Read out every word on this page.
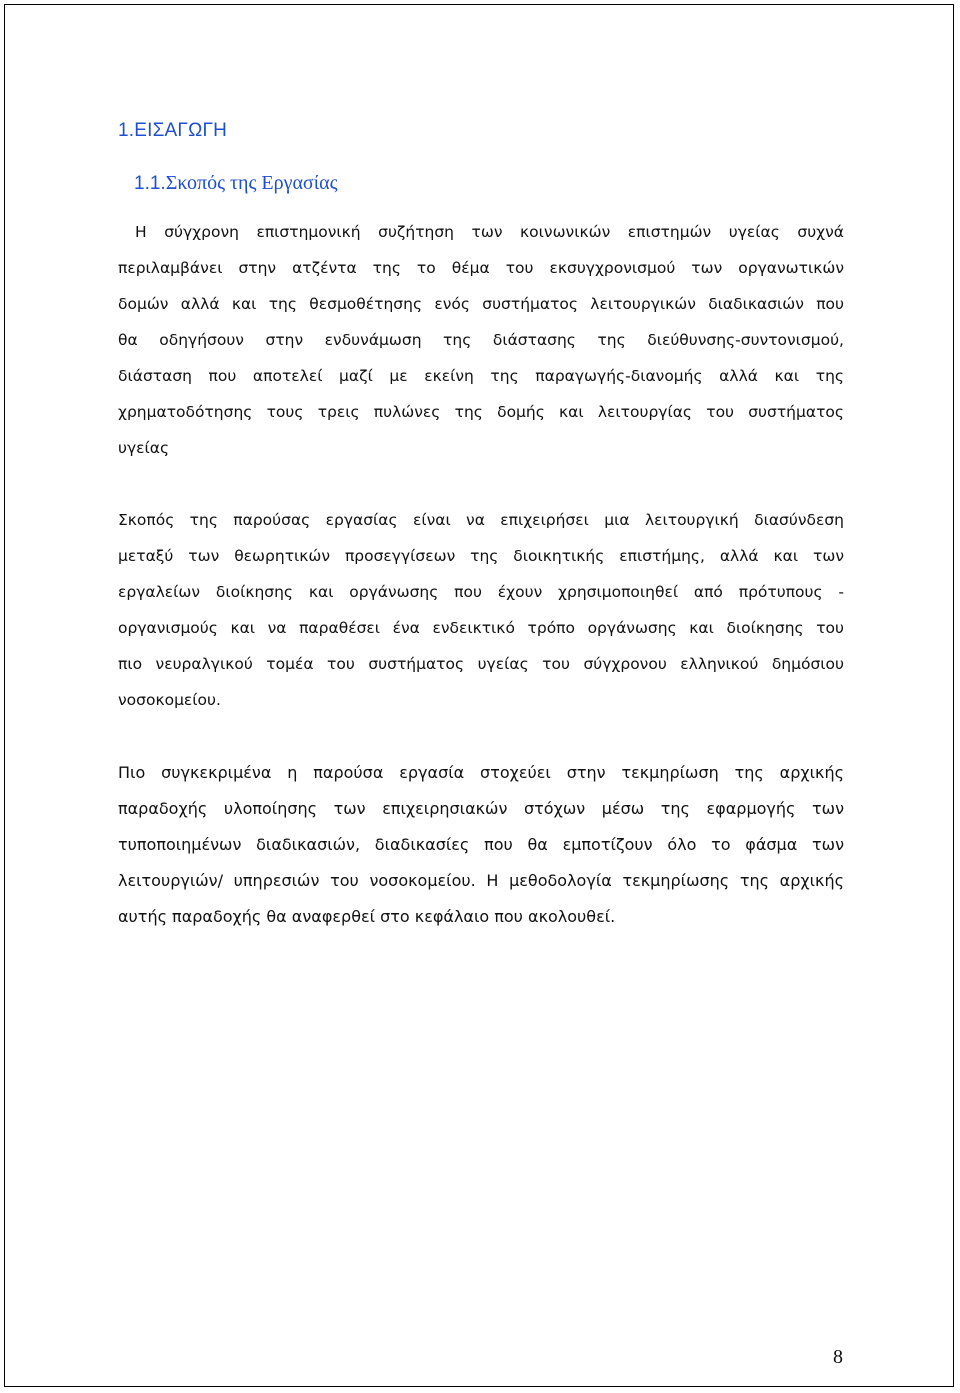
1.ΕΙΣΑΓΩΓΗ
1.1.Σκοπός της Εργασίας

Η σύγχρονη επιστημονική συζήτηση των κοινωνικών επιστημών υγείας συχνά
περιλαμβάνει στην ατζέντα της το θέμα του εκσυγχρονισμού των οργανωτικών
δομών αλλά και της θεσμοθέτησης ενός συστήματος λειτουργικών διαδικασιών που
θα οδηγήσουν στην ενδυνάμωση της διάστασης της διεύθυνσης-συντονισμού,
διάσταση που αποτελεί μαζί με εκείνη της παραγωγής-διανομής αλλά και της
χρηματοδότησης τους τρεις πυλώνες της δομής και λειτουργίας του συστήματος
υγείας

Σκοπός της παρούσας εργασίας είναι να επιχειρήσει μια λειτουργική διασύνδεση
μεταξύ των θεωρητικών προσεγγίσεων της διοικητικής επιστήμης, αλλά και των
εργαλείων διοίκησης και οργάνωσης που έχουν χρησιμοποιηθεί από πρότυπους -
οργανισμούς και να παραθέσει ένα ενδεικτικό τρόπο οργάνωσης και διοίκησης του
πιο νευραλγικού τομέα του συστήματος υγείας του σύγχρονου ελληνικού δημόσιου
νοσοκομείου.

Πιο συγκεκριμένα η παρούσα εργασία στοχεύει στην τεκμηρίωση της αρχικής
παραδοχής υλοποίησης των επιχειρησιακών στόχων μέσω της εφαρμογής των
τυποποιημένων διαδικασιών, διαδικασίες που θα εμποτίζουν όλο το φάσμα των
λειτουργιών/ υπηρεσιών του νοσοκομείου. Η μεθοδολογία τεκμηρίωσης της αρχικής
αυτής παραδοχής θα αναφερθεί στο κεφάλαιο που ακολουθεί.

8
